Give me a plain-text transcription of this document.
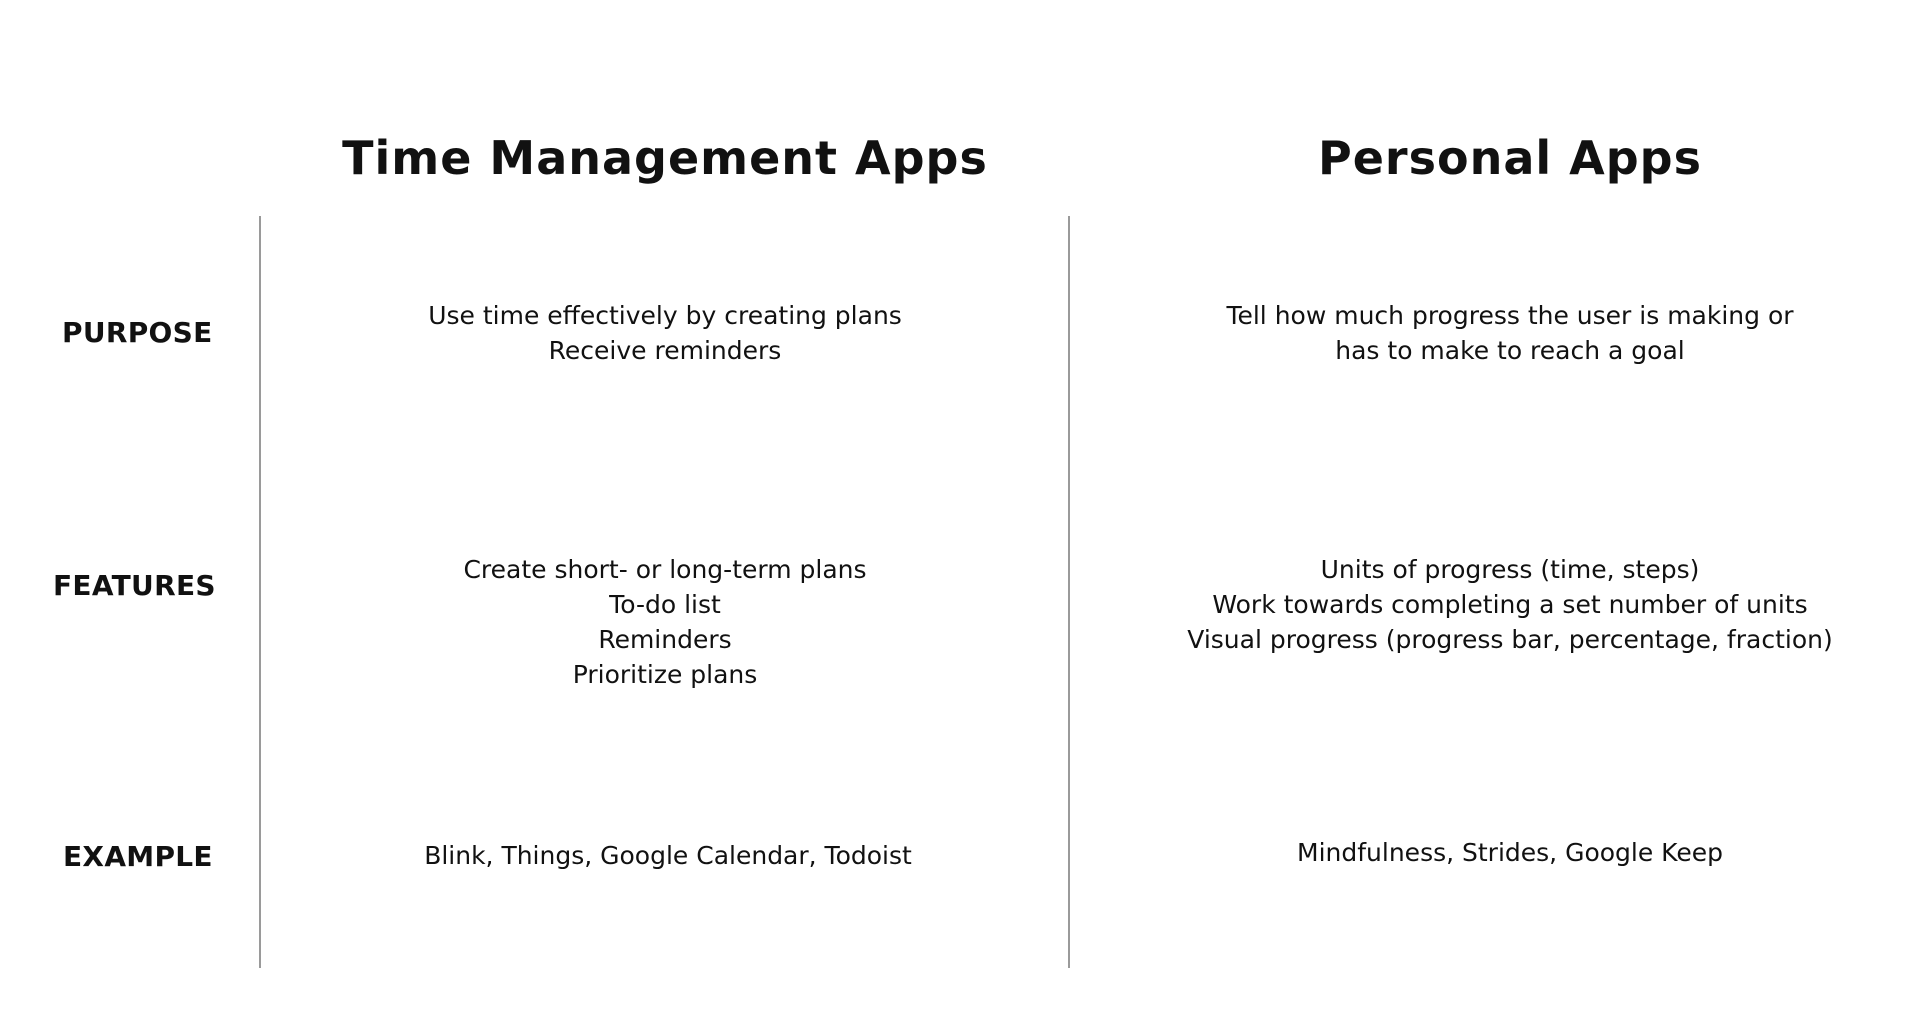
Time Management Apps	Personal Apps
PURPOSE
FEATURES
EXAMPLE
Use time effectively by creating plans
Receive reminders
Tell how much progress the user is making or
has to make to reach a goal
Create short- or long-term plans
To-do list
Reminders
Prioritize plans
Units of progress (time, steps)
Work towards completing a set number of units
Visual progress (progress bar, percentage, fraction)
Blink, Things, Google Calendar, Todoist	Mindfulness, Strides, Google Keep
